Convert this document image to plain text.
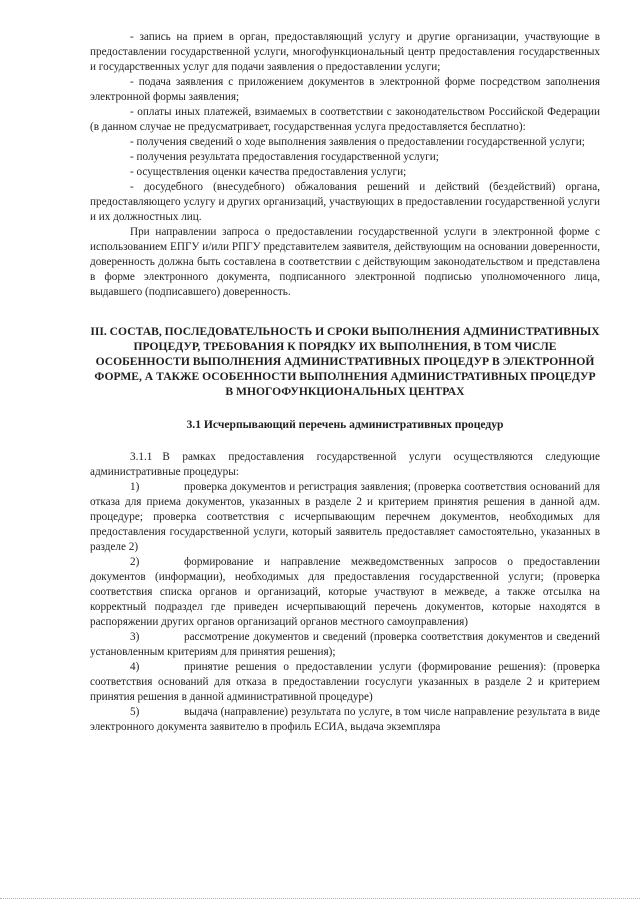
- запись на прием в орган, предоставляющий услугу и другие организации, участвующие в предоставлении государственной услуги, многофункциональный центр предоставления государственных и государственных услуг для подачи заявления о предоставлении услуги;

- подача заявления с приложением документов в электронной форме посредством заполнения электронной формы заявления;

- оплаты иных платежей, взимаемых в соответствии с законодательством Российской Федерации (в данном случае не предусматривает, государственная услуга предоставляется бесплатно):

- получения сведений о ходе выполнения заявления о предоставлении государственной услуги;

- получения результата предоставления государственной услуги;

- осуществления оценки качества предоставления услуги;

- досудебного (внесудебного) обжалования решений и действий (бездействий) органа, предоставляющего услугу и других организаций, участвующих в предоставлении государственной услуги и их должностных лиц.

При направлении запроса о предоставлении государственной услуги в электронной форме с использованием ЕПГУ и/или РПГУ представителем заявителя, действующим на основании доверенности, доверенность должна быть составлена в соответствии с действующим законодательством и представлена в форме электронного документа, подписанного электронной подписью уполномоченного лица, выдавшего (подписавшего) доверенность.

III. СОСТАВ, ПОСЛЕДОВАТЕЛЬНОСТЬ И СРОКИ ВЫПОЛНЕНИЯ АДМИНИСТРАТИВНЫХ ПРОЦЕДУР, ТРЕБОВАНИЯ К ПОРЯДКУ ИХ ВЫПОЛНЕНИЯ, В ТОМ ЧИСЛЕ ОСОБЕННОСТИ ВЫПОЛНЕНИЯ АДМИНИСТРАТИВНЫХ ПРОЦЕДУР В ЭЛЕКТРОННОЙ ФОРМЕ, А ТАКЖЕ ОСОБЕННОСТИ ВЫПОЛНЕНИЯ АДМИНИСТРАТИВНЫХ ПРОЦЕДУР В МНОГОФУНКЦИОНАЛЬНЫХ ЦЕНТРАХ
3.1 Исчерпывающий перечень административных процедур

3.1.1 В рамках предоставления государственной услуги осуществляются следующие административные процедуры:

1)	проверка документов и регистрация заявления; (проверка соответствия оснований для отказа для приема документов, указанных в разделе 2 и критерием принятия решения в данной адм. процедуре; проверка соответствия с исчерпывающим перечнем документов, необходимых для предоставления государственной услуги, который заявитель предоставляет самостоятельно, указанных в разделе 2)

2)	формирование и направление межведомственных запросов о предоставлении документов (информации), необходимых для предоставления государственной услуги; (проверка соответствия списка органов и организаций, которые участвуют в межведе, а также отсылка на корректный подраздел где приведен исчерпывающий перечень документов, которые находятся в распоряжении других органов организаций органов местного самоуправления)

3)	рассмотрение документов и сведений (проверка соответствия документов и сведений установленным критериям для принятия решения);

4)	принятие решения о предоставлении услуги (формирование решения): (проверка соответствия оснований для отказа в предоставлении госуслуги указанных в разделе 2 и критерием принятия решения в данной административной процедуре)

5)	выдача (направление) результата по услуге, в том числе направление результата в виде электронного документа заявителю в профиль ЕСИА, выдача экземпляра
